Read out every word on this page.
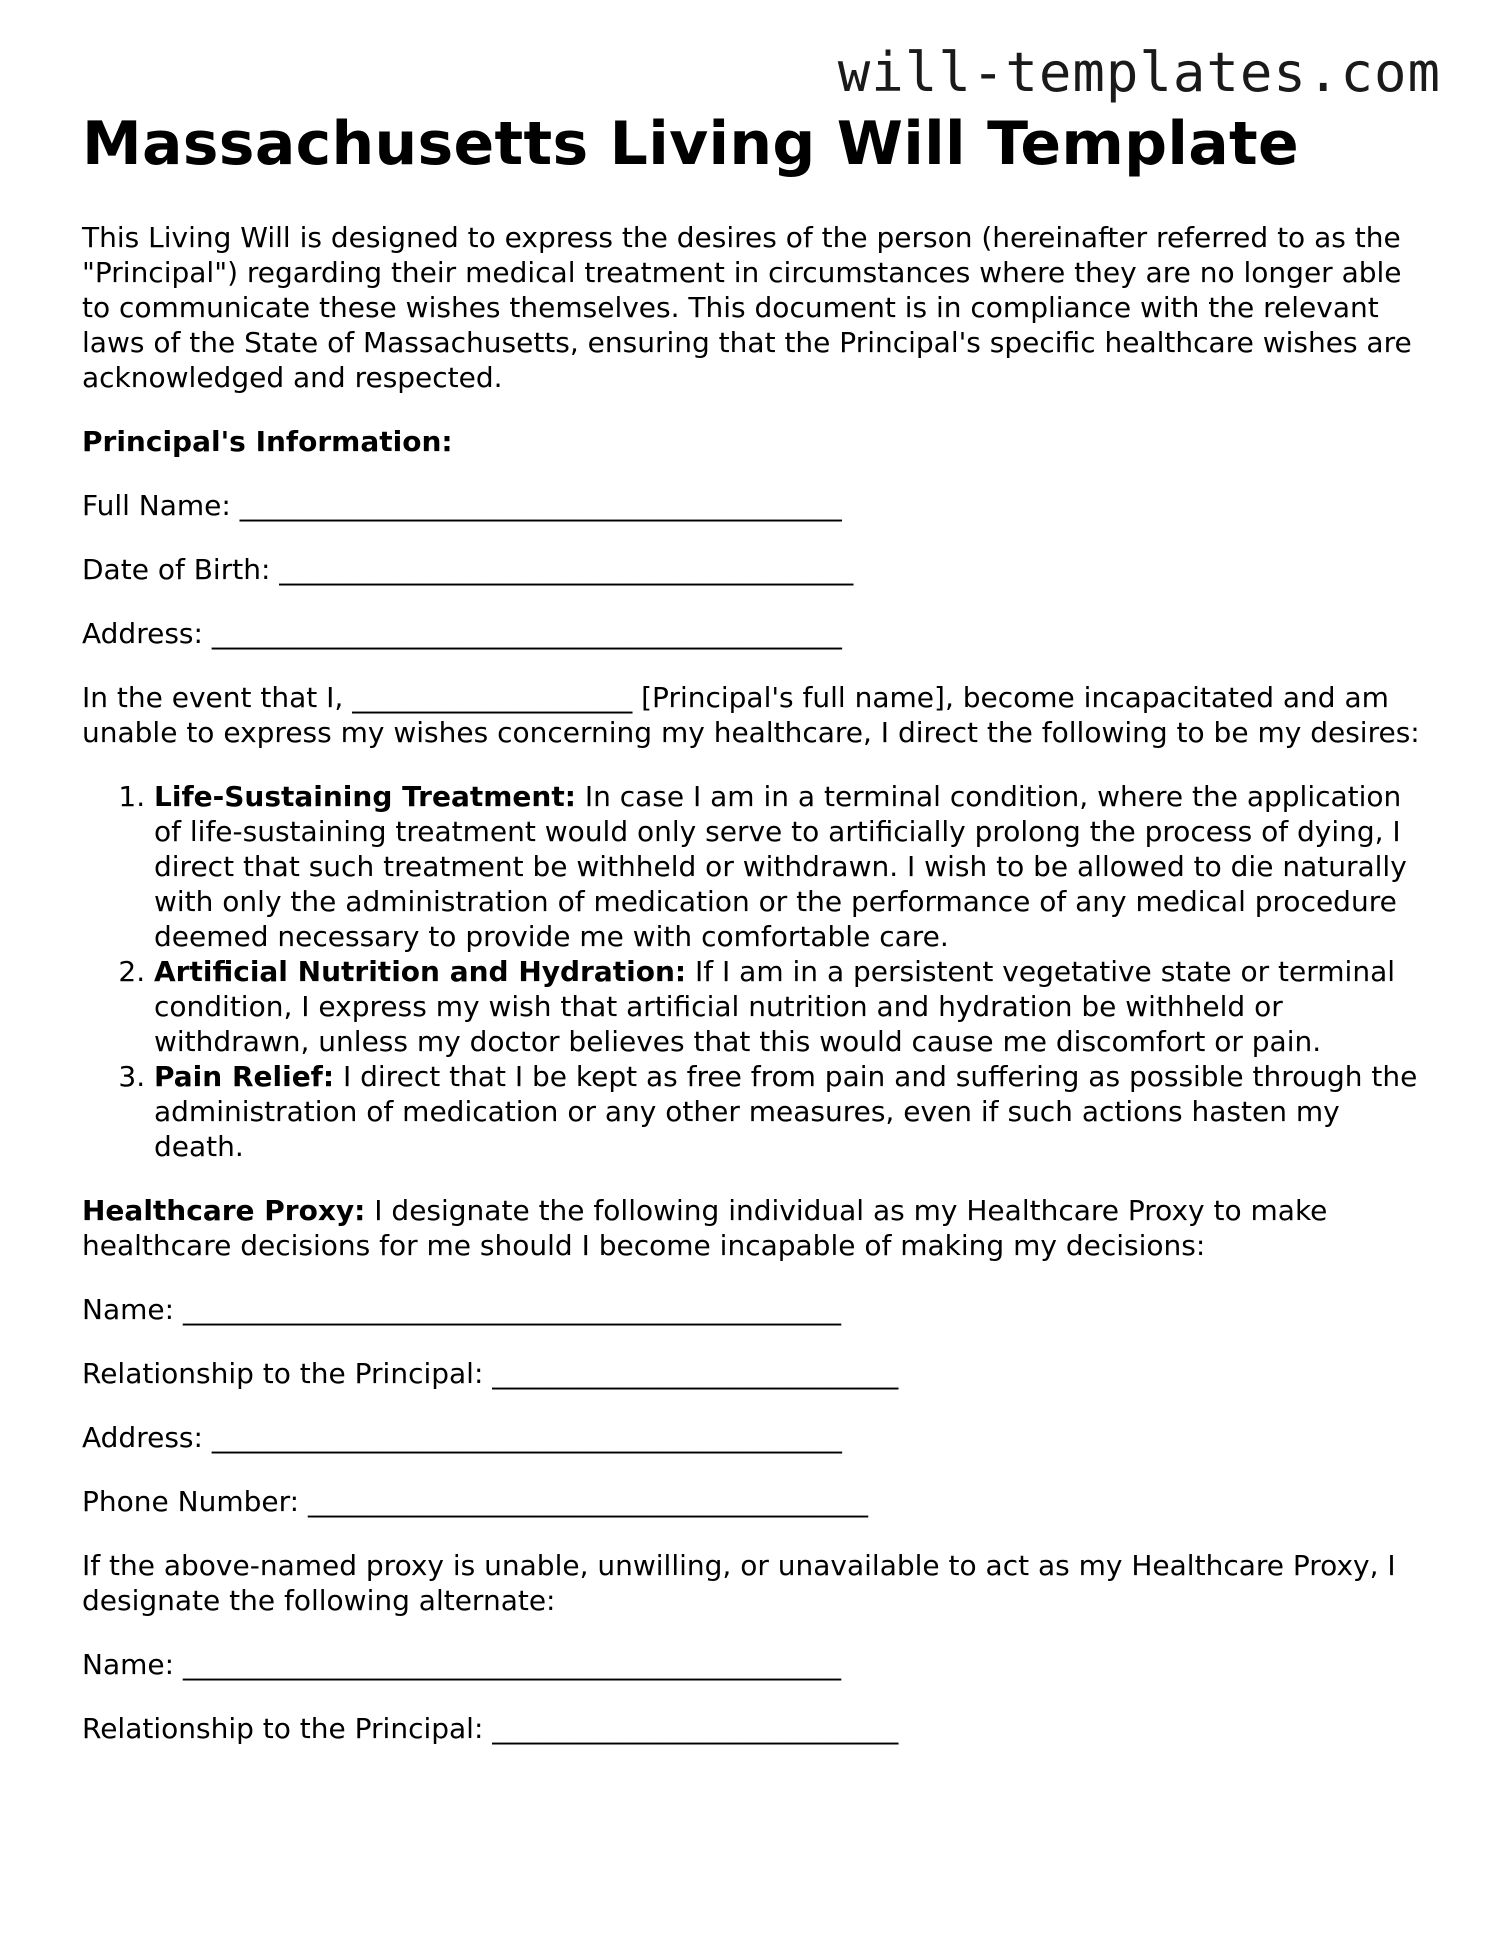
will-templates.com
Massachusetts Living Will Template

This Living Will is designed to express the desires of the person (hereinafter referred to as the "Principal") regarding their medical treatment in circumstances where they are no longer able to communicate these wishes themselves. This document is in compliance with the relevant laws of the State of Massachusetts, ensuring that the Principal's specific healthcare wishes are acknowledged and respected.

Principal's Information:

Full Name: ___________________________________________

Date of Birth: _________________________________________

Address: _____________________________________________

In the event that I, ____________________ [Principal's full name], become incapacitated and am unable to express my wishes concerning my healthcare, I direct the following to be my desires:

1. Life-Sustaining Treatment: In case I am in a terminal condition, where the application of life-sustaining treatment would only serve to artificially prolong the process of dying, I direct that such treatment be withheld or withdrawn. I wish to be allowed to die naturally with only the administration of medication or the performance of any medical procedure deemed necessary to provide me with comfortable care.
2. Artificial Nutrition and Hydration: If I am in a persistent vegetative state or terminal condition, I express my wish that artificial nutrition and hydration be withheld or withdrawn, unless my doctor believes that this would cause me discomfort or pain.
3. Pain Relief: I direct that I be kept as free from pain and suffering as possible through the administration of medication or any other measures, even if such actions hasten my death.

Healthcare Proxy: I designate the following individual as my Healthcare Proxy to make healthcare decisions for me should I become incapable of making my decisions:

Name: _______________________________________________

Relationship to the Principal: _____________________________

Address: _____________________________________________

Phone Number: ________________________________________

If the above-named proxy is unable, unwilling, or unavailable to act as my Healthcare Proxy, I designate the following alternate:

Name: _______________________________________________

Relationship to the Principal: _____________________________
